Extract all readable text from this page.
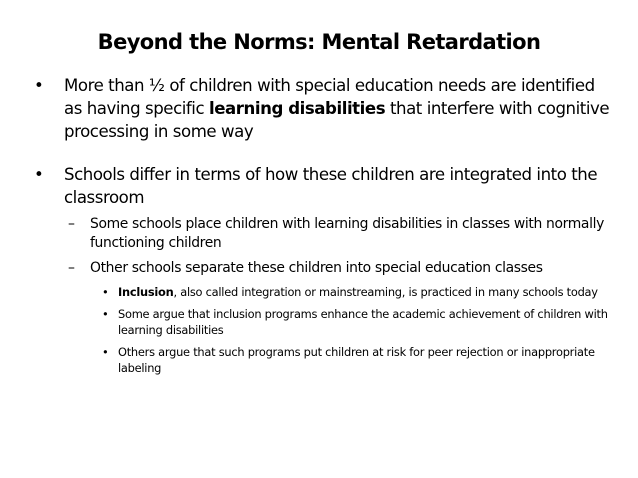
Beyond the Norms: Mental Retardation
• More than ½ of children with special education needs are identified as having specific learning disabilities that interfere with cognitive processing in some way
• Schools differ in terms of how these children are integrated into the classroom
– Some schools place children with learning disabilities in classes with normally functioning children
– Other schools separate these children into special education classes
• Inclusion, also called integration or mainstreaming, is practiced in many schools today
• Some argue that inclusion programs enhance the academic achievement of children with learning disabilities
• Others argue that such programs put children at risk for peer rejection or inappropriate labeling
